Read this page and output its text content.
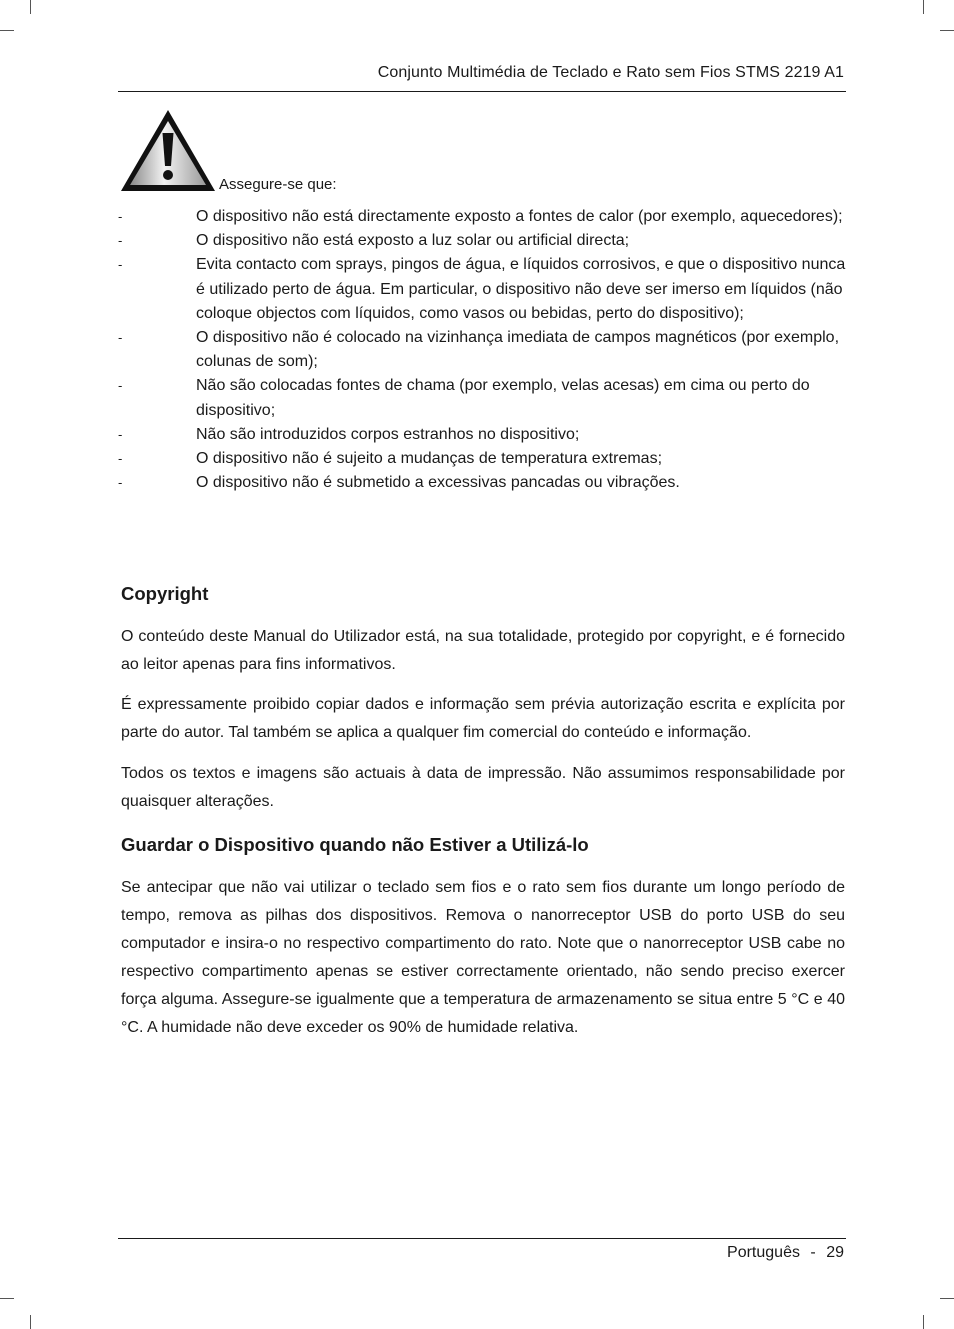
Conjunto Multimédia de Teclado e Rato sem Fios STMS 2219 A1
Assegure-se que:
-	O dispositivo não está directamente exposto a fontes de calor (por exemplo, aquecedores);
-	O dispositivo não está exposto a luz solar ou artificial directa;
-	Evita contacto com sprays, pingos de água, e líquidos corrosivos, e que o dispositivo nunca é utilizado perto de água. Em particular, o dispositivo não deve ser imerso em líquidos (não coloque objectos com líquidos, como vasos ou bebidas, perto do dispositivo);
-	O dispositivo não é colocado na vizinhança imediata de campos magnéticos (por exemplo, colunas de som);
-	Não são colocadas fontes de chama (por exemplo, velas acesas) em cima ou perto do dispositivo;
-	Não são introduzidos corpos estranhos no dispositivo;
-	O dispositivo não é sujeito a mudanças de temperatura extremas;
-	O dispositivo não é submetido a excessivas pancadas ou vibrações.
Copyright

O conteúdo deste Manual do Utilizador está, na sua totalidade, protegido por copyright, e é fornecido ao leitor apenas para fins informativos.

É expressamente proibido copiar dados e informação sem prévia autorização escrita e explícita por parte do autor. Tal também se aplica a qualquer fim comercial do conteúdo e informação.

Todos os textos e imagens são actuais à data de impressão. Não assumimos responsabilidade por quaisquer alterações.

Guardar o Dispositivo quando não Estiver a Utilizá-lo

Se antecipar que não vai utilizar o teclado sem fios e o rato sem fios durante um longo período de tempo, remova as pilhas dos dispositivos. Remova o nanorreceptor USB do porto USB do seu computador e insira-o no respectivo compartimento do rato. Note que o nanorreceptor USB cabe no respectivo compartimento apenas se estiver correctamente orientado, não sendo preciso exercer força alguma. Assegure-se igualmente que a temperatura de armazenamento se situa entre 5 °C e 40 °C. A humidade não deve exceder os 90% de humidade relativa.

Português - 29
